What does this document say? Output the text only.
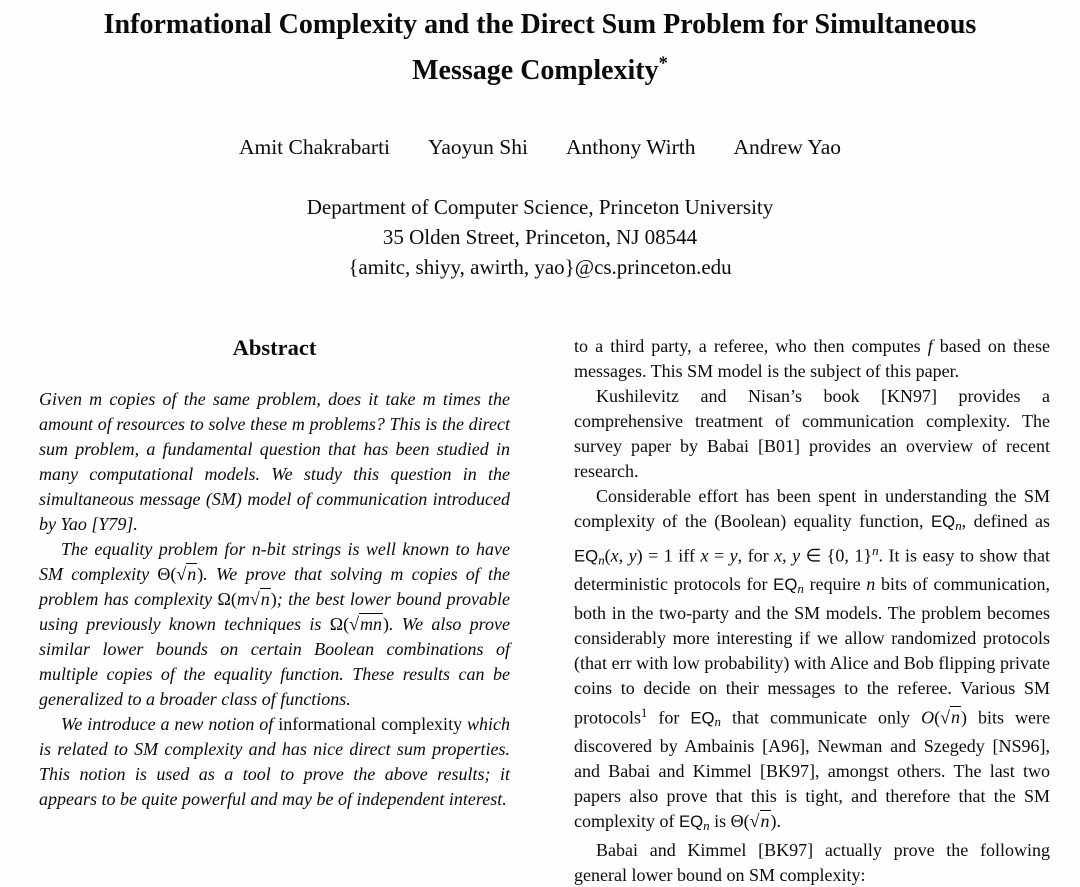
Informational Complexity and the Direct Sum Problem for Simultaneous
Message Complexity*
Amit Chakrabarti Yaoyun Shi Anthony Wirth Andrew Yao
Department of Computer Science, Princeton University
35 Olden Street, Princeton, NJ 08544
{amitc, shiyy, awirth, yao}@cs.princeton.edu

Abstract

Given m copies of the same problem, does it take m times the amount of resources to solve these m problems? This is the direct sum problem, a fundamental question that has been studied in many computational models. We study this question in the simultaneous message (SM) model of communication introduced by Yao [Y79].

The equality problem for n-bit strings is well known to have SM complexity Θ(√n). We prove that solving m copies of the problem has complexity Ω(m√n); the best lower bound provable using previously known techniques is Ω(√mn). We also prove similar lower bounds on certain Boolean combinations of multiple copies of the equality function. These results can be generalized to a broader class of functions.

We introduce a new notion of informational complexity which is related to SM complexity and has nice direct sum properties. This notion is used as a tool to prove the above results; it appears to be quite powerful and may be of independent interest.

to a third party, a referee, who then computes f based on these messages. This SM model is the subject of this paper.

Kushilevitz and Nisan’s book [KN97] provides a comprehensive treatment of communication complexity. The survey paper by Babai [B01] provides an overview of recent research.

Considerable effort has been spent in understanding the SM complexity of the (Boolean) equality function, EQn, defined as EQn(x, y) = 1 iff x = y, for x, y ∈ {0, 1}$^n$. It is easy to show that deterministic protocols for EQn require n bits of communication, both in the two-party and the SM models. The problem becomes considerably more interesting if we allow randomized protocols (that err with low probability) with Alice and Bob flipping private coins to decide on their messages to the referee. Various SM protocols$^1$ for EQn that communicate only O(√n) bits were discovered by Ambainis [A96], Newman and Szegedy [NS96], and Babai and Kimmel [BK97], amongst others. The last two papers also prove that this is tight, and therefore that the SM complexity of EQn is Θ(√n).

Babai and Kimmel [BK97] actually prove the following general lower bound on SM complexity:
